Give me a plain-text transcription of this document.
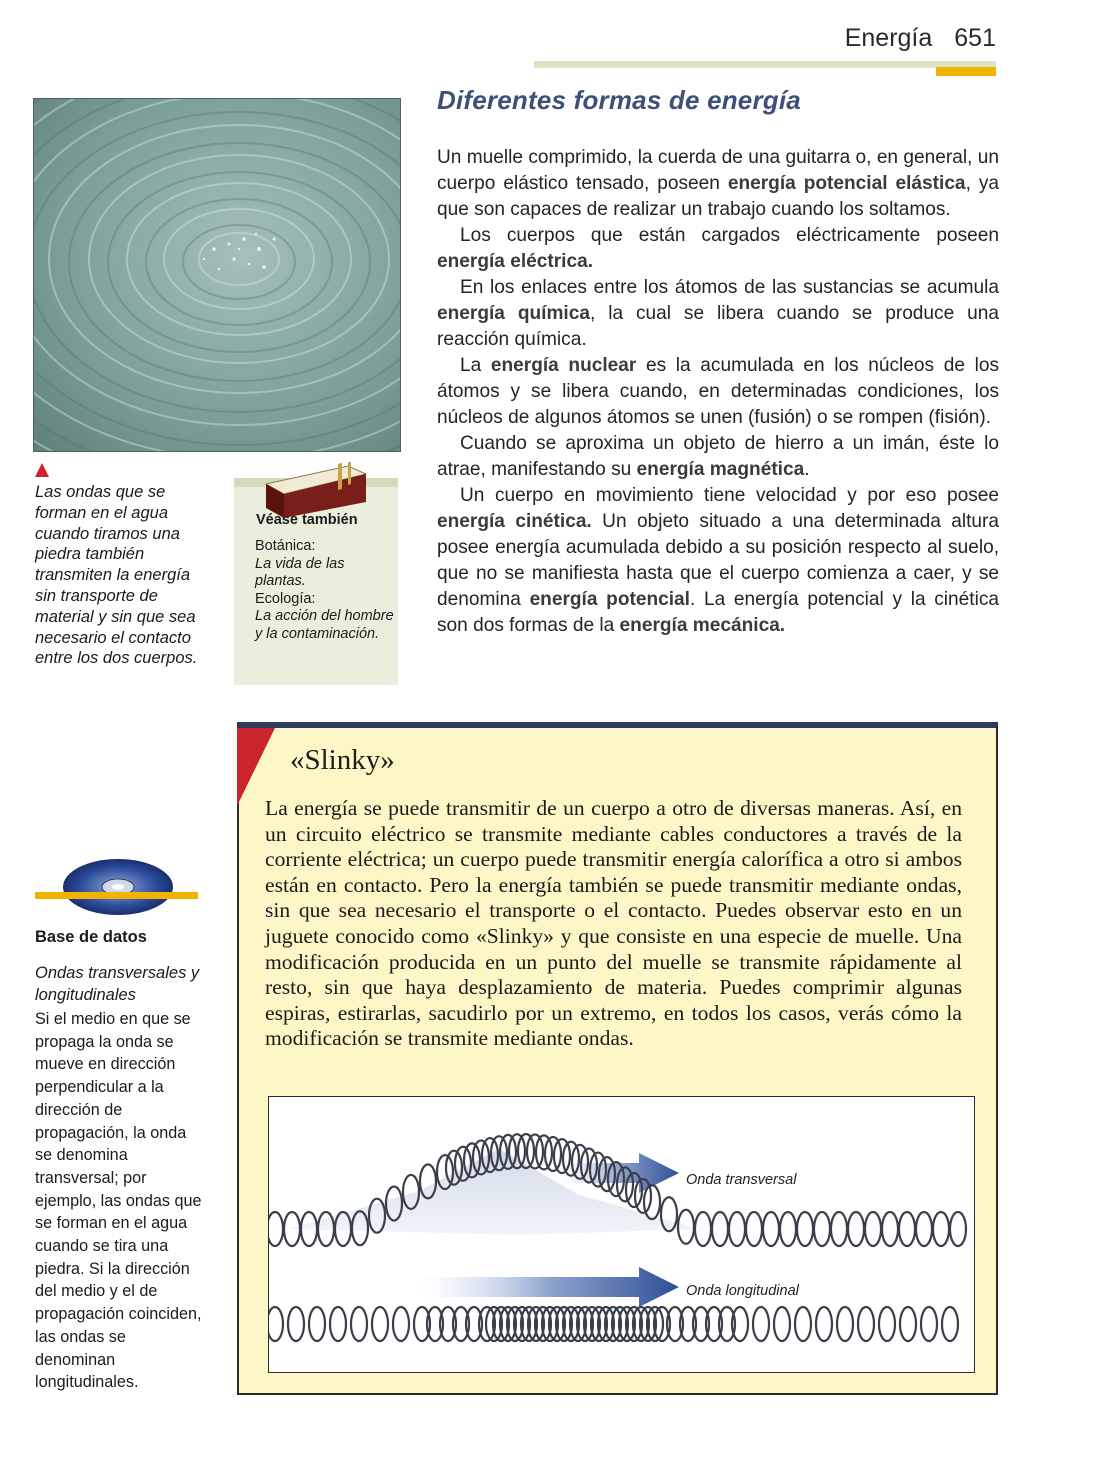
Energía 651
Las ondas que se forman en el agua cuando tiramos una piedra también transmiten la energía sin transporte de material y sin que sea necesario el contacto entre los dos cuerpos.
Véase también
Botánica:
La vida de las plantas.
Ecología:
La acción del hombre y la contaminación.
Diferentes formas de energía

Un muelle comprimido, la cuerda de una guitarra o, en general, un cuerpo elástico tensado, poseen energía potencial elástica, ya que son capaces de realizar un trabajo cuando los soltamos.

Los cuerpos que están cargados eléctricamente poseen energía eléctrica.

En los enlaces entre los átomos de las sustancias se acumula energía química, la cual se libera cuando se produce una reacción química.

La energía nuclear es la acumulada en los núcleos de los átomos y se libera cuando, en determinadas condiciones, los núcleos de algunos átomos se unen (fusión) o se rompen (fisión).

Cuando se aproxima un objeto de hierro a un imán, éste lo atrae, manifestando su energía magnética.

Un cuerpo en movimiento tiene velocidad y por eso posee energía cinética. Un objeto situado a una determinada altura posee energía acumulada debido a su posición respecto al suelo, que no se manifiesta hasta que el cuerpo comienza a caer, y se denomina energía potencial. La energía potencial y la cinética son dos formas de la energía mecánica.

«Slinky»
La energía se puede transmitir de un cuerpo a otro de diversas maneras. Así, en un circuito eléctrico se transmite mediante cables conductores a través de la corriente eléctrica; un cuerpo puede transmitir energía calorífica a otro si ambos están en contacto. Pero la energía también se puede transmitir mediante ondas, sin que sea necesario el transporte o el contacto. Puedes observar esto en un juguete conocido como «Slinky» y que consiste en una especie de muelle. Una modificación producida en un punto del muelle se transmite rápidamente al resto, sin que haya desplazamiento de materia. Puedes comprimir algunas espiras, estirarlas, sacudirlo por un extremo, en todos los casos, verás cómo la modificación se transmite mediante ondas.
Onda transversal
Onda longitudinal
Base de datos
Ondas transversales y longitudinales
Si el medio en que se propaga la onda se mueve en dirección perpendicular a la dirección de propagación, la onda se denomina transversal; por ejemplo, las ondas que se forman en el agua cuando se tira una piedra. Si la dirección del medio y el de propagación coinciden, las ondas se denominan longitudinales.
